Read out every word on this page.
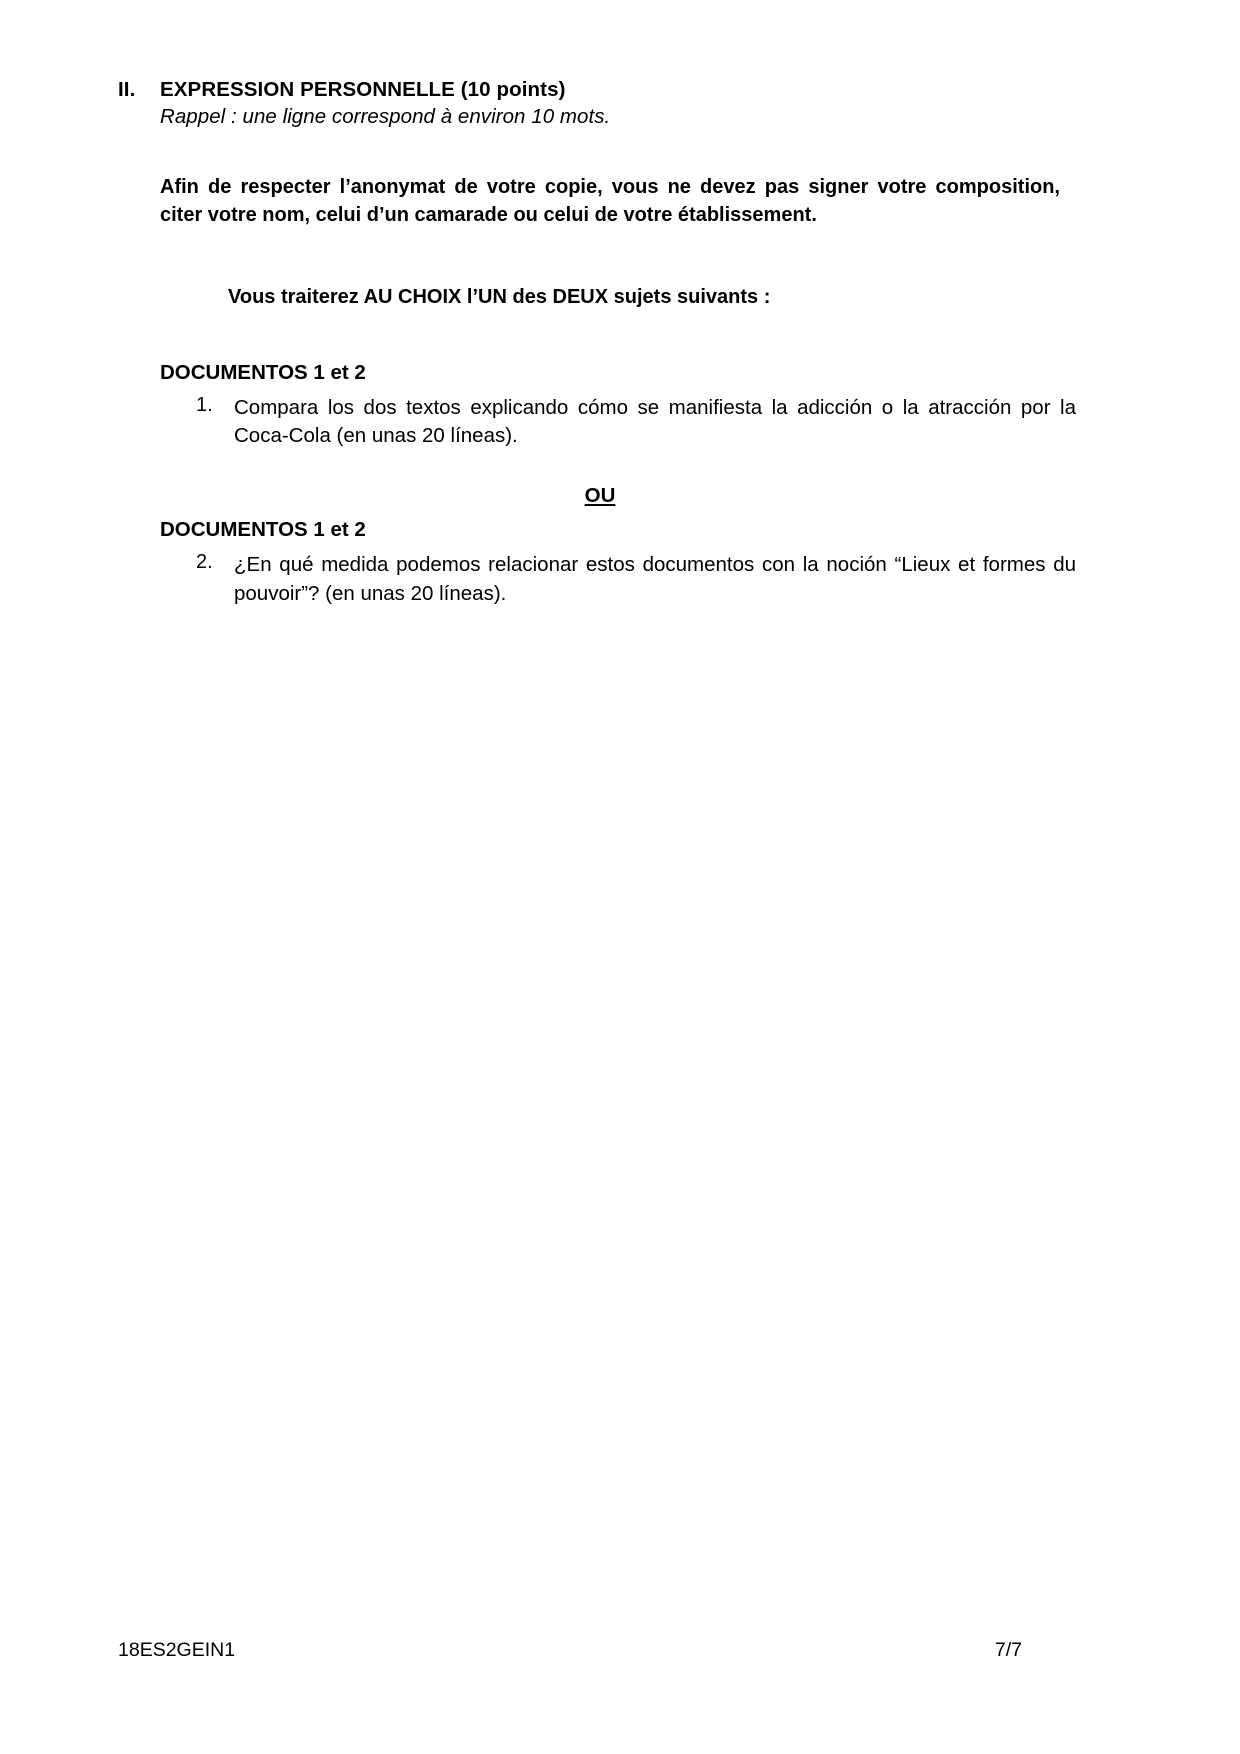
II.	EXPRESSION PERSONNELLE (10 points)
Rappel : une ligne correspond à environ 10 mots.
Afin de respecter l’anonymat de votre copie, vous ne devez pas signer votre composition, citer votre nom, celui d’un camarade ou celui de votre établissement.
Vous traiterez AU CHOIX l’UN des DEUX sujets suivants :
DOCUMENTOS 1 et 2
1.	Compara los dos textos explicando cómo se manifiesta la adicción o la atracción por la Coca-Cola (en unas 20 líneas).
OU
DOCUMENTOS 1 et 2
2.	¿En qué medida podemos relacionar estos documentos con la noción “Lieux et formes du pouvoir”? (en unas 20 líneas).
18ES2GEIN1	7/7
